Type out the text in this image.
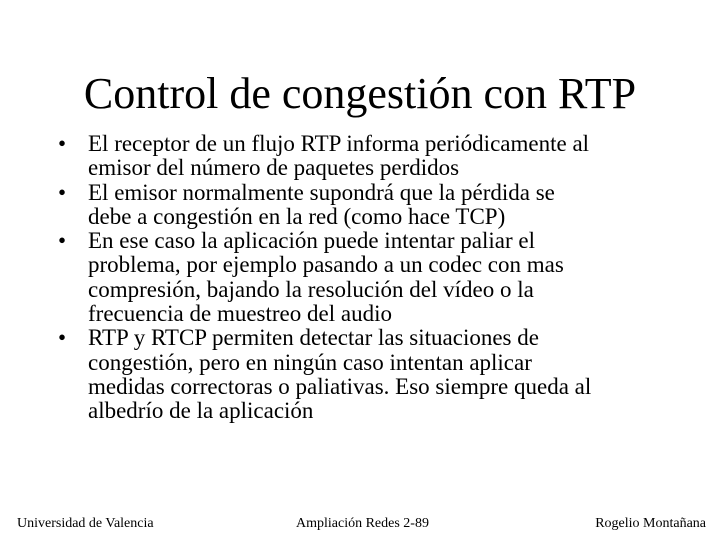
Control de congestión con RTP
• El receptor de un flujo RTP informa periódicamente al
emisor del número de paquetes perdidos
• El emisor normalmente supondrá que la pérdida se
debe a congestión en la red (como hace TCP)
• En ese caso la aplicación puede intentar paliar el
problema, por ejemplo pasando a un codec con mas
compresión, bajando la resolución del vídeo o la
frecuencia de muestreo del audio
• RTP y RTCP permiten detectar las situaciones de
congestión, pero en ningún caso intentan aplicar
medidas correctoras o paliativas. Eso siempre queda al
albedrío de la aplicación
Universidad de Valencia	Ampliación Redes 2-89	Rogelio Montañana
